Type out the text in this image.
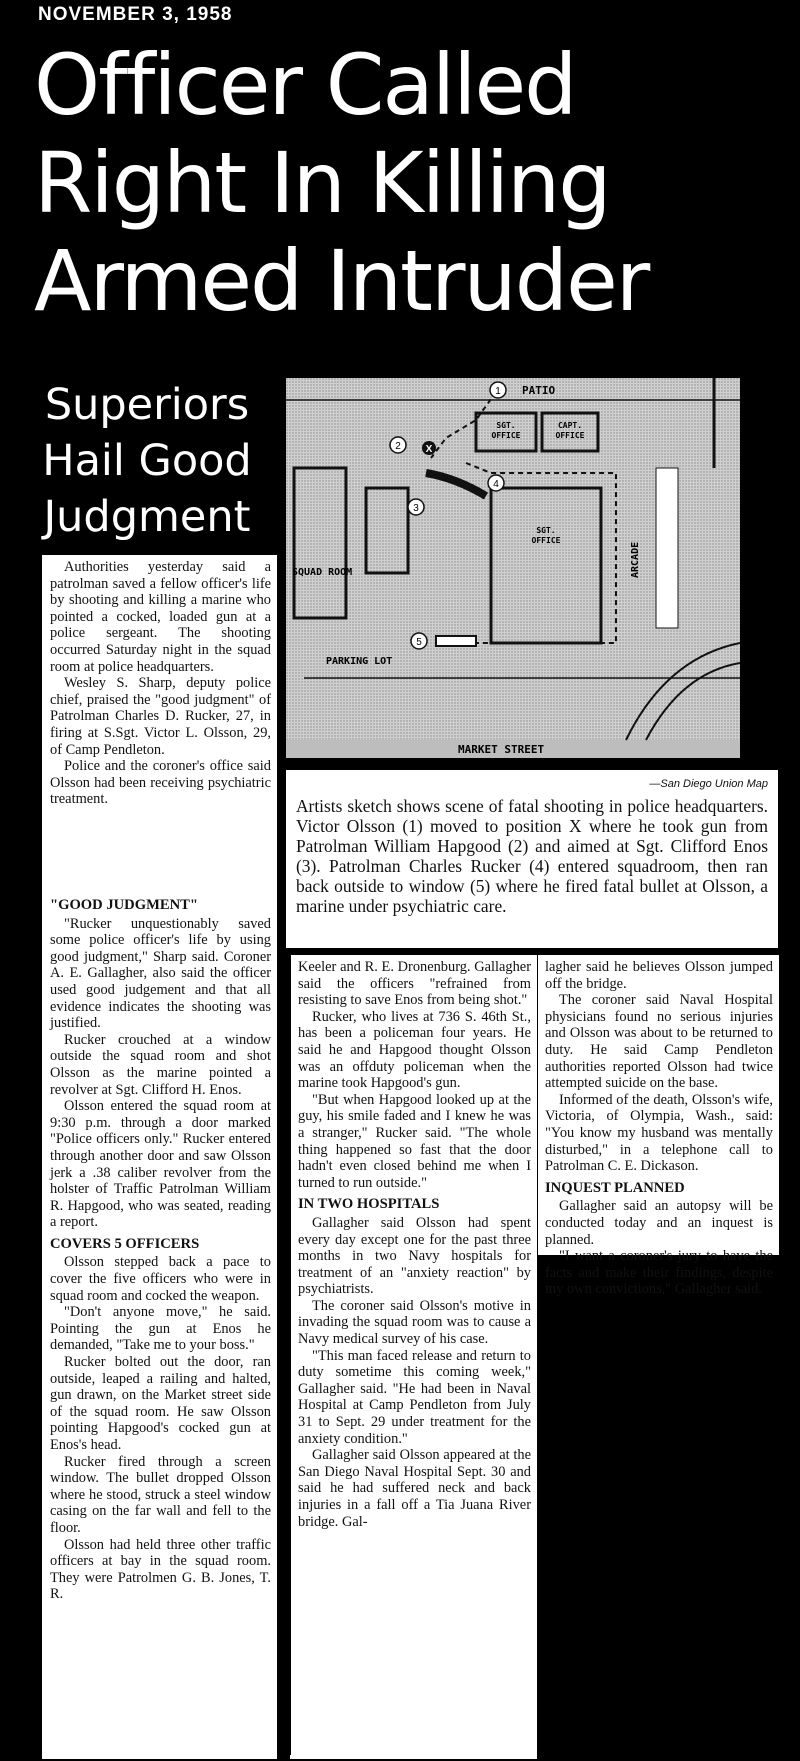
NOVEMBER 3, 1958
Officer Called
Right In Killing
Armed Intruder
Superiors
Hail Good
Judgment
1
2
3
4
5
X
PATIO
SGT.
OFFICE
CAPT.
OFFICE
SGT.
OFFICE
SQUAD ROOM	ARCADE
PARKING LOT
MARKET STREET
—San Diego Union Map
Artists sketch shows scene of fatal shooting in police headquarters. Victor Olsson (1) moved to position X where he took gun from Patrolman William Hapgood (2) and aimed at Sgt. Clifford Enos (3). Patrolman Charles Rucker (4) entered squadroom, then ran back outside to window (5) where he fired fatal bullet at Olsson, a marine under psychiatric care.

Authorities yesterday said a patrolman saved a fellow officer's life by shooting and killing a marine who pointed a cocked, loaded gun at a police sergeant. The shooting occurred Saturday night in the squad room at police headquarters.

Wesley S. Sharp, deputy police chief, praised the "good judgment" of Patrolman Charles D. Rucker, 27, in firing at S.Sgt. Victor L. Olsson, 29, of Camp Pendleton.

Police and the coroner's office said Olsson had been receiving psychiatric treatment.

"GOOD JUDGMENT"

"Rucker unquestionably saved some police officer's life by using good judgment," Sharp said. Coroner A. E. Gallagher, also said the officer used good judgement and that all evidence indicates the shooting was justified.

Rucker crouched at a window outside the squad room and shot Olsson as the marine pointed a revolver at Sgt. Clifford H. Enos.

Olsson entered the squad room at 9:30 p.m. through a door marked "Police officers only." Rucker entered through another door and saw Olsson jerk a .38 caliber revolver from the holster of Traffic Patrolman William R. Hapgood, who was seated, reading a report.

COVERS 5 OFFICERS

Olsson stepped back a pace to cover the five officers who were in squad room and cocked the weapon.

"Don't anyone move," he said. Pointing the gun at Enos he demanded, "Take me to your boss."

Rucker bolted out the door, ran outside, leaped a railing and halted, gun drawn, on the Market street side of the squad room. He saw Olsson pointing Hapgood's cocked gun at Enos's head.

Rucker fired through a screen window. The bullet dropped Olsson where he stood, struck a steel window casing on the far wall and fell to the floor.

Olsson had held three other traffic officers at bay in the squad room. They were Patrolmen G. B. Jones, T. R.

Keeler and R. E. Dronenburg. Gallagher said the officers "refrained from resisting to save Enos from being shot."

Rucker, who lives at 736 S. 46th St., has been a policeman four years. He said he and Hapgood thought Olsson was an offduty policeman when the marine took Hapgood's gun.

"But when Hapgood looked up at the guy, his smile faded and I knew he was a stranger," Rucker said. "The whole thing happened so fast that the door hadn't even closed behind me when I turned to run outside."

IN TWO HOSPITALS

Gallagher said Olsson had spent every day except one for the past three months in two Navy hospitals for treatment of an "anxiety reaction" by psychiatrists.

The coroner said Olsson's motive in invading the squad room was to cause a Navy medical survey of his case.

"This man faced release and return to duty sometime this coming week," Gallagher said. "He had been in Naval Hospital at Camp Pendleton from July 31 to Sept. 29 under treatment for the anxiety condition."

Gallagher said Olsson appeared at the San Diego Naval Hospital Sept. 30 and said he had suffered neck and back injuries in a fall off a Tia Juana River bridge. Gal-

lagher said he believes Olsson jumped off the bridge.

The coroner said Naval Hospital physicians found no serious injuries and Olsson was about to be returned to duty. He said Camp Pendleton authorities reported Olsson had twice attempted suicide on the base.

Informed of the death, Olsson's wife, Victoria, of Olympia, Wash., said: "You know my husband was mentally disturbed," in a telephone call to Patrolman C. E. Dickason.

INQUEST PLANNED

Gallagher said an autopsy will be conducted today and an inquest is planned.

"I want a coroner's jury to have the facts and make their findings, despite my own convictions," Gallagher said.
